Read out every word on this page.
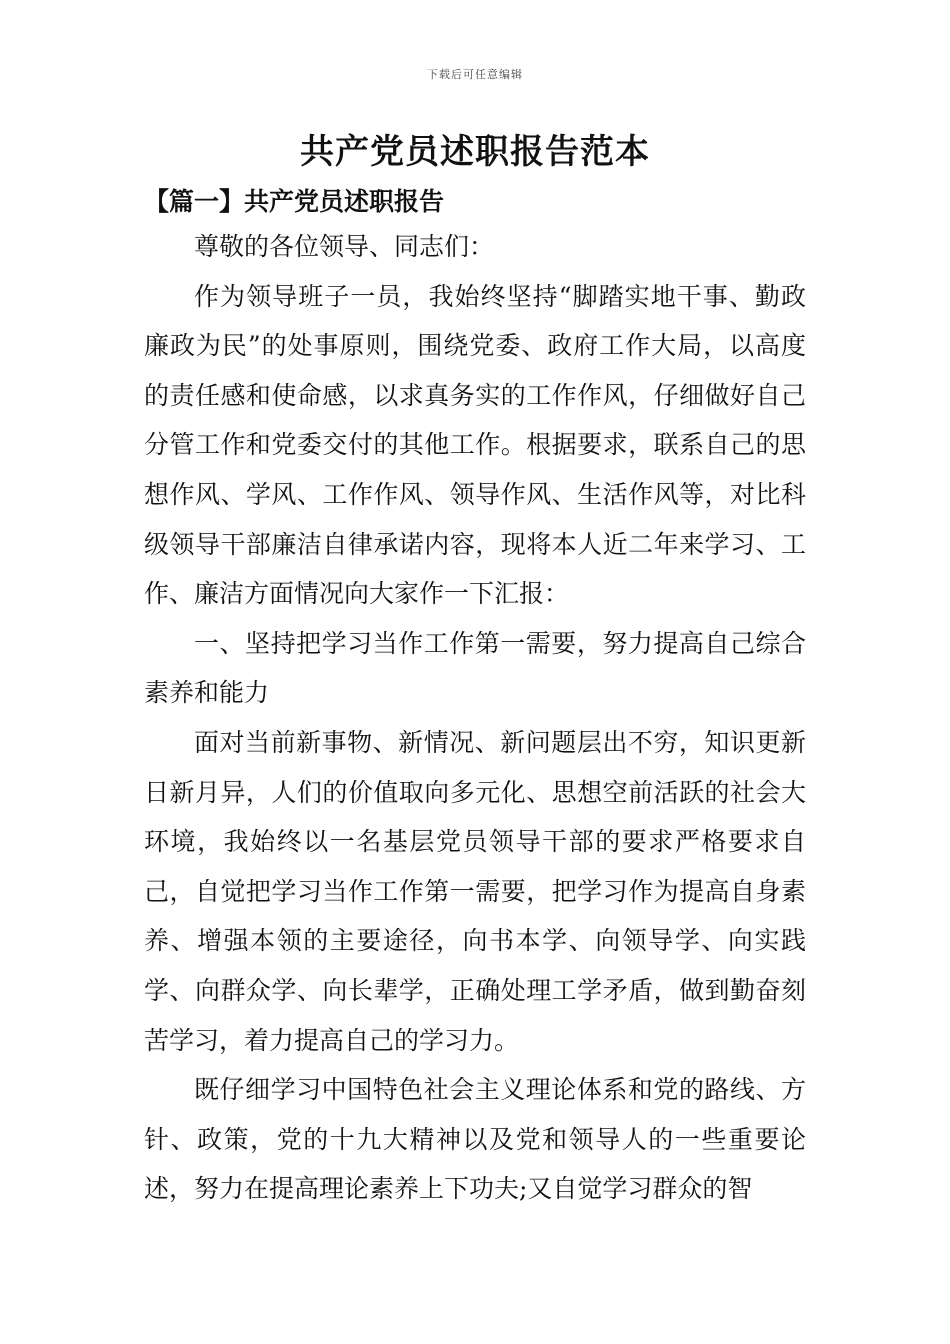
下载后可任意编辑
共产党员述职报告范本
【篇一】共产党员述职报告

尊敬的各位领导、同志们：

作为领导班子一员，我始终坚持“脚踏实地干事、勤政廉政为民”的处事原则，围绕党委、政府工作大局，以高度的责任感和使命感，以求真务实的工作作风，仔细做好自己分管工作和党委交付的其他工作。根据要求，联系自己的思想作风、学风、工作作风、领导作风、生活作风等，对比科级领导干部廉洁自律承诺内容，现将本人近二年来学习、工作、廉洁方面情况向大家作一下汇报：

一、坚持把学习当作工作第一需要，努力提高自己综合素养和能力

面对当前新事物、新情况、新问题层出不穷，知识更新日新月异，人们的价值取向多元化、思想空前活跃的社会大环境，我始终以一名基层党员领导干部的要求严格要求自己，自觉把学习当作工作第一需要，把学习作为提高自身素养、增强本领的主要途径，向书本学、向领导学、向实践学、向群众学、向长辈学，正确处理工学矛盾，做到勤奋刻苦学习，着力提高自己的学习力。

既仔细学习中国特色社会主义理论体系和党的路线、方针、政策，党的十九大精神以及党和领导人的一些重要论述，努力在提高理论素养上下功夫;又自觉学习群众的智
